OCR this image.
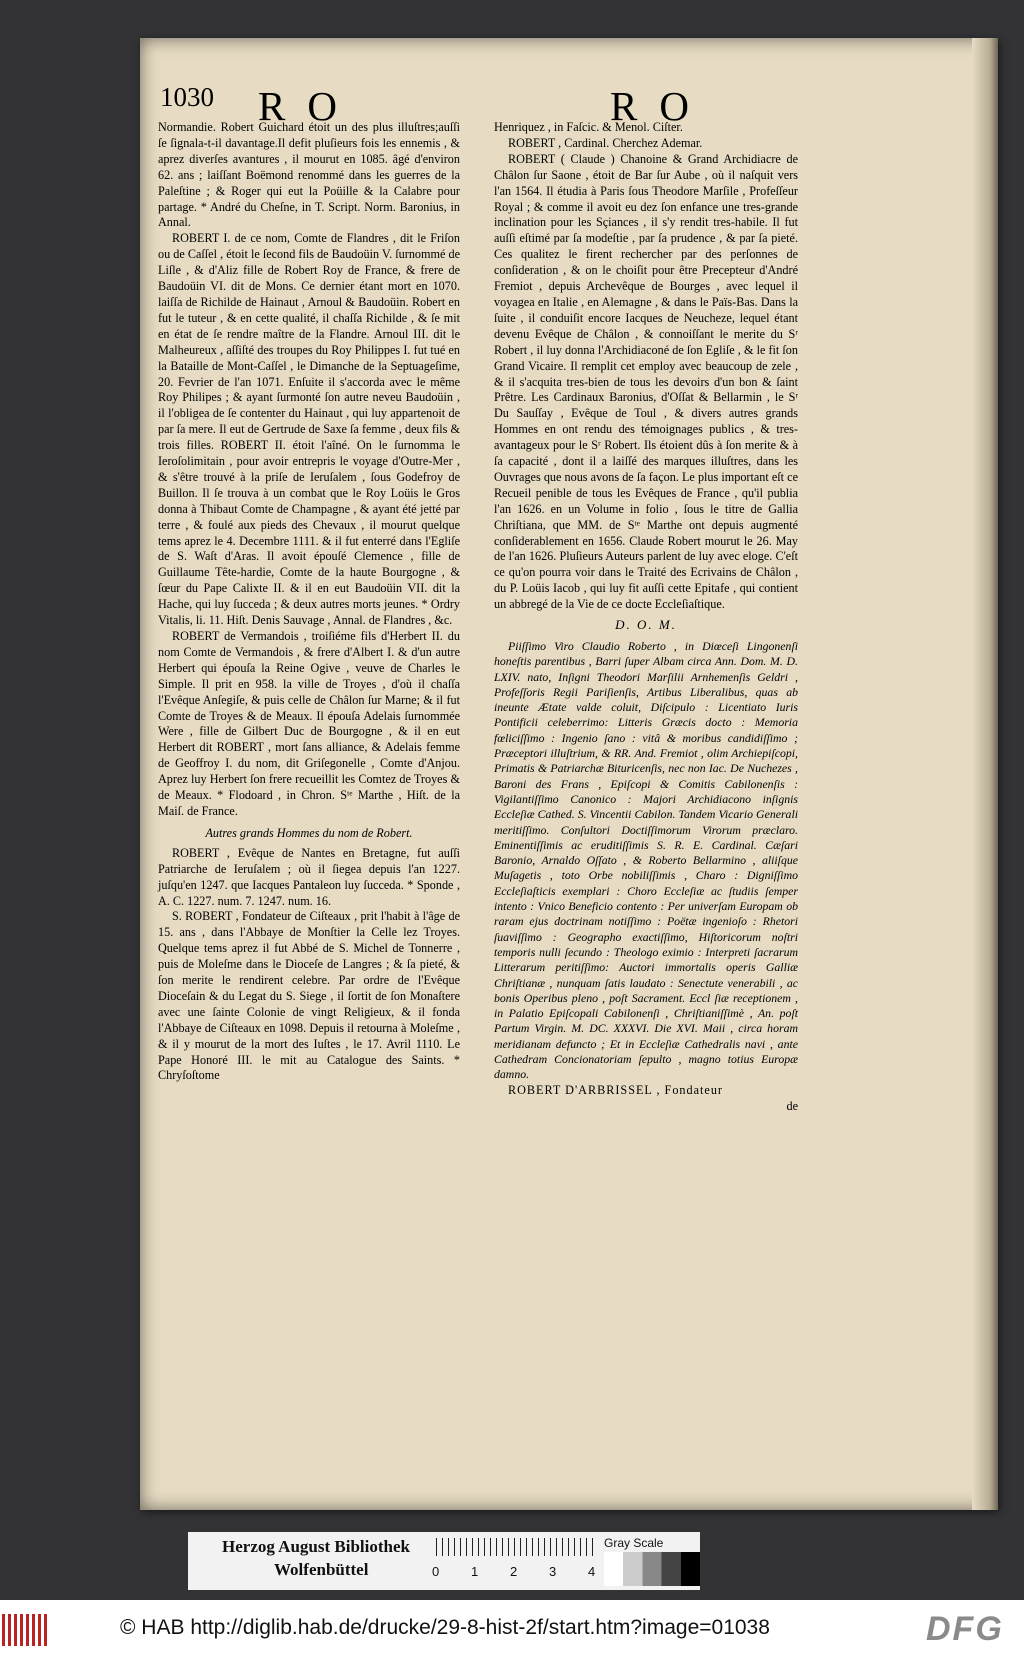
1030 RO	RO

Normandie. Robert Guichard étoit un des plus illuſtres;auſſi ſe ſignala-t-il davantage.Il defit pluſieurs fois les ennemis , & aprez diverſes avantures , il mourut en 1085. âgé d'environ 62. ans ; laiſſant Boëmond renommé dans les guerres de la Paleſtine ; & Roger qui eut la Poüille & la Calabre pour partage. * André du Cheſne, in T. Script. Norm. Baronius, in Annal.

ROBERT I. de ce nom, Comte de Flandres , dit le Friſon ou de Caſſel , étoit le ſecond fils de Baudoüin V. ſurnommé de Liſle , & d'Aliz fille de Robert Roy de France, & frere de Baudoüin VI. dit de Mons. Ce dernier étant mort en 1070. laiſſa de Richilde de Hainaut , Arnoul & Baudoüin. Robert en fut le tuteur , & en cette qualité, il chaſſa Richilde , & ſe mit en état de ſe rendre maître de la Flandre. Arnoul III. dit le Malheureux , aſſiſté des troupes du Roy Philippes I. fut tué en la Bataille de Mont-Caſſel , le Dimanche de la Septuageſime, 20. Fevrier de l'an 1071. Enſuite il s'accorda avec le même Roy Philipes ; & ayant ſurmonté ſon autre neveu Baudoüin , il l'obligea de ſe contenter du Hainaut , qui luy appartenoit de par ſa mere. Il eut de Gertrude de Saxe ſa femme , deux fils & trois filles. ROBERT II. étoit l'aîné. On le ſurnomma le Ieroſolimitain , pour avoir entrepris le voyage d'Outre-Mer , & s'être trouvé à la priſe de Ieruſalem , ſous Godefroy de Buillon. Il ſe trouva à un combat que le Roy Loüis le Gros donna à Thibaut Comte de Champagne , & ayant été jetté par terre , & foulé aux pieds des Chevaux , il mourut quelque tems aprez le 4. Decembre 1111. & il fut enterré dans l'Egliſe de S. Waſt d'Aras. Il avoit épouſé Clemence , fille de Guillaume Tête-hardie, Comte de la haute Bourgogne , & ſœur du Pape Calixte II. & il en eut Baudoüin VII. dit la Hache, qui luy ſucceda ; & deux autres morts jeunes. * Ordry Vitalis, li. 11. Hiſt. Denis Sauvage , Annal. de Flandres , &c.

ROBERT de Vermandois , troiſiéme fils d'Herbert II. du nom Comte de Vermandois , & frere d'Albert I. & d'un autre Herbert qui épouſa la Reine Ogive , veuve de Charles le Simple. Il prit en 958. la ville de Troyes , d'où il chaſſa l'Evêque Anſegiſe, & puis celle de Châlon ſur Marne; & il fut Comte de Troyes & de Meaux. Il épouſa Adelais ſurnommée Were , fille de Gilbert Duc de Bourgogne , & il en eut Herbert dit ROBERT , mort ſans alliance, & Adelais femme de Geoffroy I. du nom, dit Griſegonelle , Comte d'Anjou. Aprez luy Herbert ſon frere recueillit les Comtez de Troyes & de Meaux. * Flodoard , in Chron. Sᵗᵉ Marthe , Hiſt. de la Maiſ. de France.

Autres grands Hommes du nom de Robert.

ROBERT , Evêque de Nantes en Bretagne, fut auſſi Patriarche de Ieruſalem ; où il ſiegea depuis l'an 1227. juſqu'en 1247. que Iacques Pantaleon luy ſucceda. * Sponde , A. C. 1227. num. 7. 1247. num. 16.

S. ROBERT , Fondateur de Ciſteaux , prit l'habit à l'âge de 15. ans , dans l'Abbaye de Monſtier la Celle lez Troyes. Quelque tems aprez il fut Abbé de S. Michel de Tonnerre , puis de Moleſme dans le Dioceſe de Langres ; & ſa pieté, & ſon merite le rendirent celebre. Par ordre de l'Evêque Dioceſain & du Legat du S. Siege , il ſortit de ſon Monaſtere avec une ſainte Colonie de vingt Religieux, & il fonda l'Abbaye de Ciſteaux en 1098. Depuis il retourna à Moleſme , & il y mourut de la mort des Iuſtes , le 17. Avril 1110. Le Pape Honoré III. le mit au Catalogue des Saints. * Chryſoſtome

Henriquez , in Faſcic. & Menol. Ciſter.

ROBERT , Cardinal. Cherchez Ademar.

ROBERT ( Claude ) Chanoine & Grand Archidiacre de Châlon ſur Saone , étoit de Bar ſur Aube , où il naſquit vers l'an 1564. Il étudia à Paris ſous Theodore Marſile , Profeſſeur Royal ; & comme il avoit eu dez ſon enfance une tres-grande inclination pour les Sçiances , il s'y rendit tres-habile. Il fut auſſi eſtimé par ſa modeſtie , par ſa prudence , & par ſa pieté. Ces qualitez le firent rechercher par des perſonnes de conſideration , & on le choiſit pour être Precepteur d'André Fremiot , depuis Archevêque de Bourges , avec lequel il voyagea en Italie , en Alemagne , & dans le Païs-Bas. Dans la ſuite , il conduiſit encore Iacques de Neucheze, lequel étant devenu Evêque de Châlon , & connoiſſant le merite du Sʳ Robert , il luy donna l'Archidiaconé de ſon Egliſe , & le fit ſon Grand Vicaire. Il remplit cet employ avec beaucoup de zele , & il s'acquita tres-bien de tous les devoirs d'un bon & ſaint Prêtre. Les Cardinaux Baronius, d'Oſſat & Bellarmin , le Sʳ Du Sauſſay , Evêque de Toul , & divers autres grands Hommes en ont rendu des témoignages publics , & tres- avantageux pour le Sʳ Robert. Ils étoient dûs à ſon merite & à ſa capacité , dont il a laiſſé des marques illuſtres, dans les Ouvrages que nous avons de ſa façon. Le plus important eſt ce Recueil penible de tous les Evêques de France , qu'il publia l'an 1626. en un Volume in folio , ſous le titre de Gallia Chriſtiana, que MM. de Sᵗᵉ Marthe ont depuis augmenté conſiderablement en 1656. Claude Robert mourut le 26. May de l'an 1626. Pluſieurs Auteurs parlent de luy avec eloge. C'eſt ce qu'on pourra voir dans le Traité des Ecrivains de Châlon , du P. Loüis Iacob , qui luy fit auſſi cette Epitafe , qui contient un abbregé de la Vie de ce docte Eccleſiaſtique.

D. O. M.

Piiſſimo Viro Claudio Roberto , in Diœceſi Lingonenſi honeſtis parentibus , Barri ſuper Albam circa Ann. Dom. M. D. LXIV. nato, Inſigni Theodori Marſilii Arnhemenſis Geldri , Profeſſoris Regii Pariſienſis, Artibus Liberalibus, quas ab ineunte Ætate valde coluit, Diſcipulo : Licentiato Iuris Pontificii celeberrimo: Litteris Græcis docto : Memoria fœliciſſimo : Ingenio ſano : vitâ & moribus candidiſſimo ; Præceptori illuſtrium, & RR. And. Fremiot , olim Archiepiſcopi, Primatis & Patriarchæ Bituricenſis, nec non Iac. De Nuchezes , Baroni des Frans , Epiſcopi & Comitis Cabilonenſis : Vigilantiſſimo Canonico : Majori Archidiacono inſignis Eccleſiæ Cathed. S. Vincentii Cabilon. Tandem Vicario Generali meritiſſimo. Conſultori Doctiſſimorum Virorum præclaro. Eminentiſſimis ac eruditiſſimis S. R. E. Cardinal. Cæſari Baronio, Arnaldo Oſſato , & Roberto Bellarmino , aliiſque Muſagetis , toto Orbe nobiliſſimis , Charo : Digniſſimo Eccleſiaſticis exemplari : Choro Eccleſiæ ac ſtudiis ſemper intento : Vnico Beneficio contento : Per univerſam Europam ob raram ejus doctrinam notiſſimo : Poëtæ ingenioſo : Rhetori ſuaviſſimo : Geographo exactiſſimo, Hiſtoricorum noſtri temporis nulli ſecundo : Theologo eximio : Interpreti ſacrarum Litterarum peritiſſimo: Auctori immortalis operis Galliæ Chriſtianæ , nunquam ſatis laudato : Senectute venerabili , ac bonis Operibus pleno , poſt Sacrament. Eccl ſiæ receptionem , in Palatio Epiſcopali Cabilonenſi , Chriſtianiſſimè , An. poſt Partum Virgin. M. DC. XXXVI. Die XVI. Maii , circa horam meridianam defuncto ; Et in Eccleſiæ Cathedralis navi , ante Cathedram Concionatoriam ſepulto , magno totius Europæ damno.

ROBERT D'ARBRISSEL , Fondateur

de

Herzog August Bibliothek
Wolfenbüttel	0 1 2 3 4
Gray Scale
© HAB http://diglib.hab.de/drucke/29-8-hist-2f/start.htm?image=01038	DFG
